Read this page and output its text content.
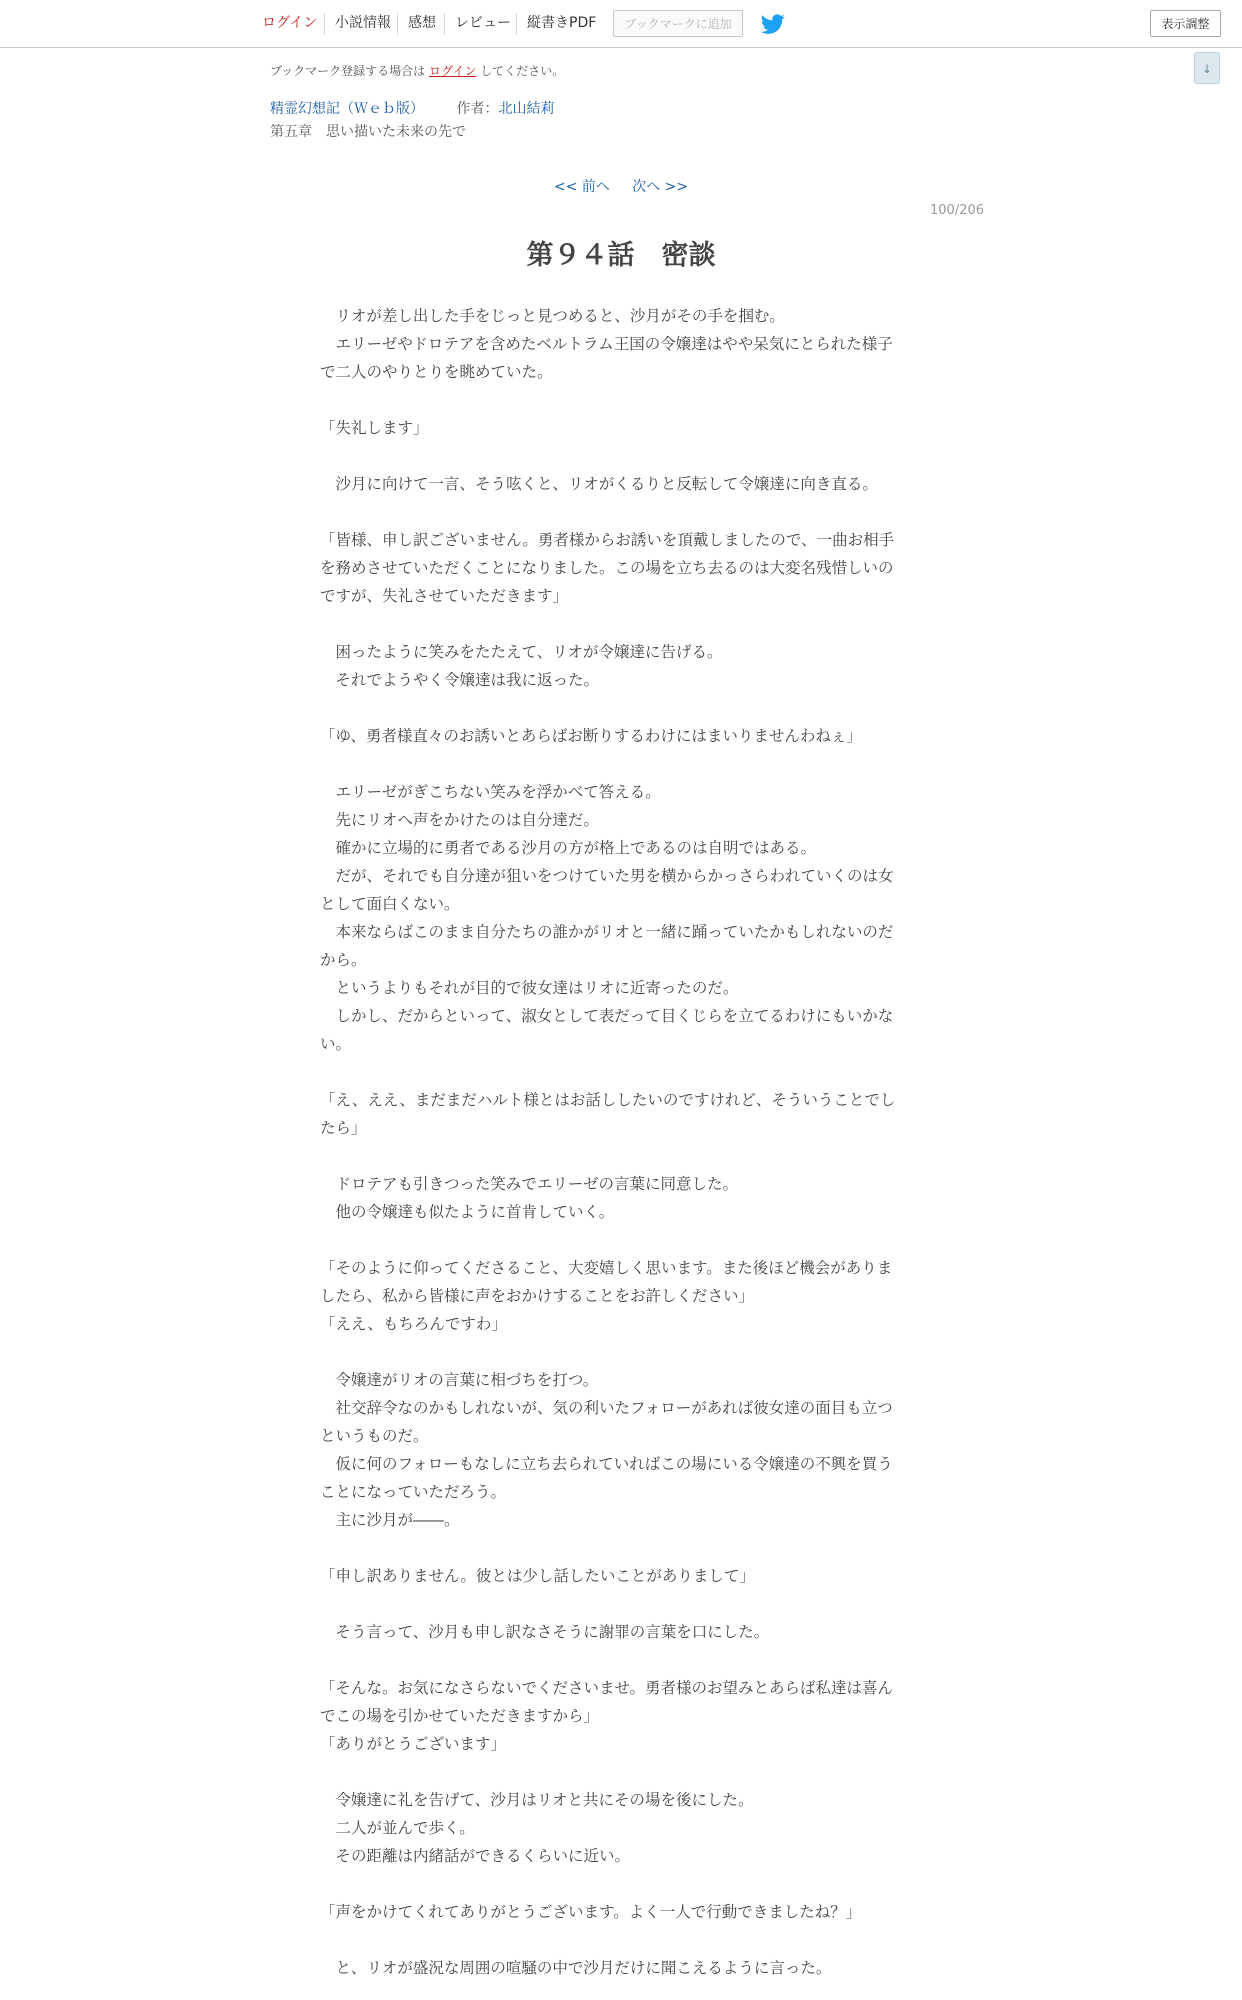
ログイン 小説情報 感想 レビュー 縦書きPDF	ブックマークに追加	表示調整
↓
ブックマーク登録する場合は ログイン してください。
精霊幻想記（Ｗｅｂ版） 作者：北山結莉
第五章　思い描いた未来の先で
<< 前へ 次へ >>
100/206
第９４話　密談

　リオが差し出した手をじっと見つめると、沙月がその手を掴む。

　エリーゼやドロテアを含めたベルトラム王国の令嬢達はやや呆気にとられた様子

で二人のやりとりを眺めていた。

「失礼します」

　沙月に向けて一言、そう呟くと、リオがくるりと反転して令嬢達に向き直る。

「皆様、申し訳ございません。勇者様からお誘いを頂戴しましたので、一曲お相手

を務めさせていただくことになりました。この場を立ち去るのは大変名残惜しいの

ですが、失礼させていただきます」

　困ったように笑みをたたえて、リオが令嬢達に告げる。

　それでようやく令嬢達は我に返った。

「ゆ、勇者様直々のお誘いとあらばお断りするわけにはまいりませんわねぇ」

　エリーゼがぎこちない笑みを浮かべて答える。

　先にリオへ声をかけたのは自分達だ。

　確かに立場的に勇者である沙月の方が格上であるのは自明ではある。

　だが、それでも自分達が狙いをつけていた男を横からかっさらわれていくのは女

として面白くない。

　本来ならばこのまま自分たちの誰かがリオと一緒に踊っていたかもしれないのだ

から。

　というよりもそれが目的で彼女達はリオに近寄ったのだ。

　しかし、だからといって、淑女として表だって目くじらを立てるわけにもいかな

い。

「え、ええ、まだまだハルト様とはお話ししたいのですけれど、そういうことでし

たら」

　ドロテアも引きつった笑みでエリーゼの言葉に同意した。

　他の令嬢達も似たように首肯していく。

「そのように仰ってくださること、大変嬉しく思います。また後ほど機会がありま

したら、私から皆様に声をおかけすることをお許しください」

「ええ、もちろんですわ」

　令嬢達がリオの言葉に相づちを打つ。

　社交辞令なのかもしれないが、気の利いたフォローがあれば彼女達の面目も立つ

というものだ。

　仮に何のフォローもなしに立ち去られていればこの場にいる令嬢達の不興を買う

ことになっていただろう。

　主に沙月が――。

「申し訳ありません。彼とは少し話したいことがありまして」

　そう言って、沙月も申し訳なさそうに謝罪の言葉を口にした。

「そんな。お気になさらないでくださいませ。勇者様のお望みとあらば私達は喜ん

でこの場を引かせていただきますから」

「ありがとうございます」

　令嬢達に礼を告げて、沙月はリオと共にその場を後にした。

　二人が並んで歩く。

　その距離は内緒話ができるくらいに近い。

「声をかけてくれてありがとうございます。よく一人で行動できましたね？」

　と、リオが盛況な周囲の喧騒の中で沙月だけに聞こえるように言った。
